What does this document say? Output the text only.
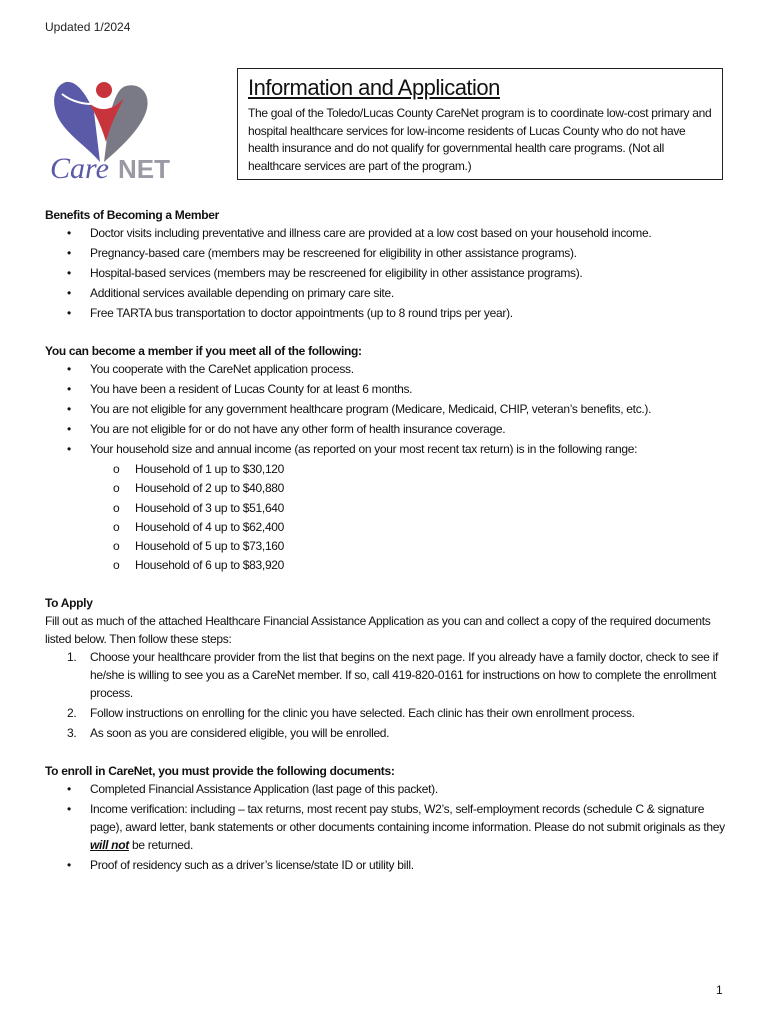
Updated 1/2024
Care NET
Information and Application

The goal of the Toledo/Lucas County CareNet program is to coordinate low-cost primary and hospital healthcare services for low-income residents of Lucas County who do not have health insurance and do not qualify for governmental health care programs. (Not all healthcare services are part of the program.)

Benefits of Becoming a Member

• Doctor visits including preventative and illness care are provided at a low cost based on your household income.
• Pregnancy-based care (members may be rescreened for eligibility in other assistance programs).
• Hospital-based services (members may be rescreened for eligibility in other assistance programs).
• Additional services available depending on primary care site.
• Free TARTA bus transportation to doctor appointments (up to 8 round trips per year).

You can become a member if you meet all of the following:

• You cooperate with the CareNet application process.
• You have been a resident of Lucas County for at least 6 months.
• You are not eligible for any government healthcare program (Medicare, Medicaid, CHIP, veteran’s benefits, etc.).
• You are not eligible for or do not have any other form of health insurance coverage.
• Your household size and annual income (as reported on your most recent tax return) is in the following range:
o Household of 1 up to $30,120
o Household of 2 up to $40,880
o Household of 3 up to $51,640
o Household of 4 up to $62,400
o Household of 5 up to $73,160
o Household of 6 up to $83,920

To Apply

Fill out as much of the attached Healthcare Financial Assistance Application as you can and collect a copy of the required documents listed below. Then follow these steps:

1. Choose your healthcare provider from the list that begins on the next page. If you already have a family doctor, check to see if he/she is willing to see you as a CareNet member. If so, call 419-820-0161 for instructions on how to complete the enrollment process.
2. Follow instructions on enrolling for the clinic you have selected. Each clinic has their own enrollment process.
3. As soon as you are considered eligible, you will be enrolled.

To enroll in CareNet, you must provide the following documents:

• Completed Financial Assistance Application (last page of this packet).
• Income verification: including – tax returns, most recent pay stubs, W2’s, self-employment records (schedule C & signature page), award letter, bank statements or other documents containing income information. Please do not submit originals as they will not be returned.
• Proof of residency such as a driver’s license/state ID or utility bill.
1
